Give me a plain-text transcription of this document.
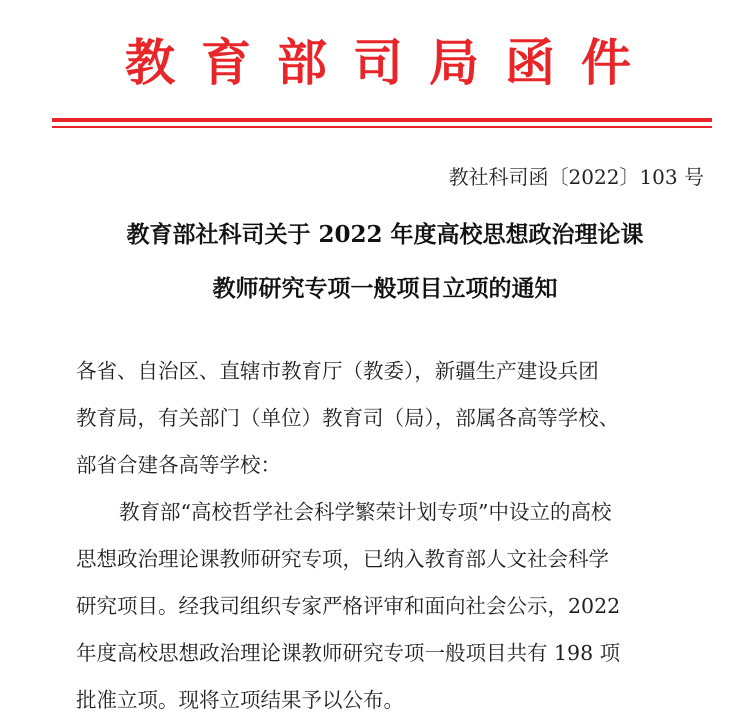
教育部司局函件
教社科司函〔2022〕103 号
教育部社科司关于 2022 年度高校思想政治理论课
教师研究专项一般项目立项的通知
各省、自治区、直辖市教育厅（教委），新疆生产建设兵团
教育局，有关部门（单位）教育司（局），部属各高等学校、
部省合建各高等学校：
教育部“高校哲学社会科学繁荣计划专项”中设立的高校
思想政治理论课教师研究专项，已纳入教育部人文社会科学
研究项目。经我司组织专家严格评审和面向社会公示，2022
年度高校思想政治理论课教师研究专项一般项目共有 198 项
批准立项。现将立项结果予以公布。
